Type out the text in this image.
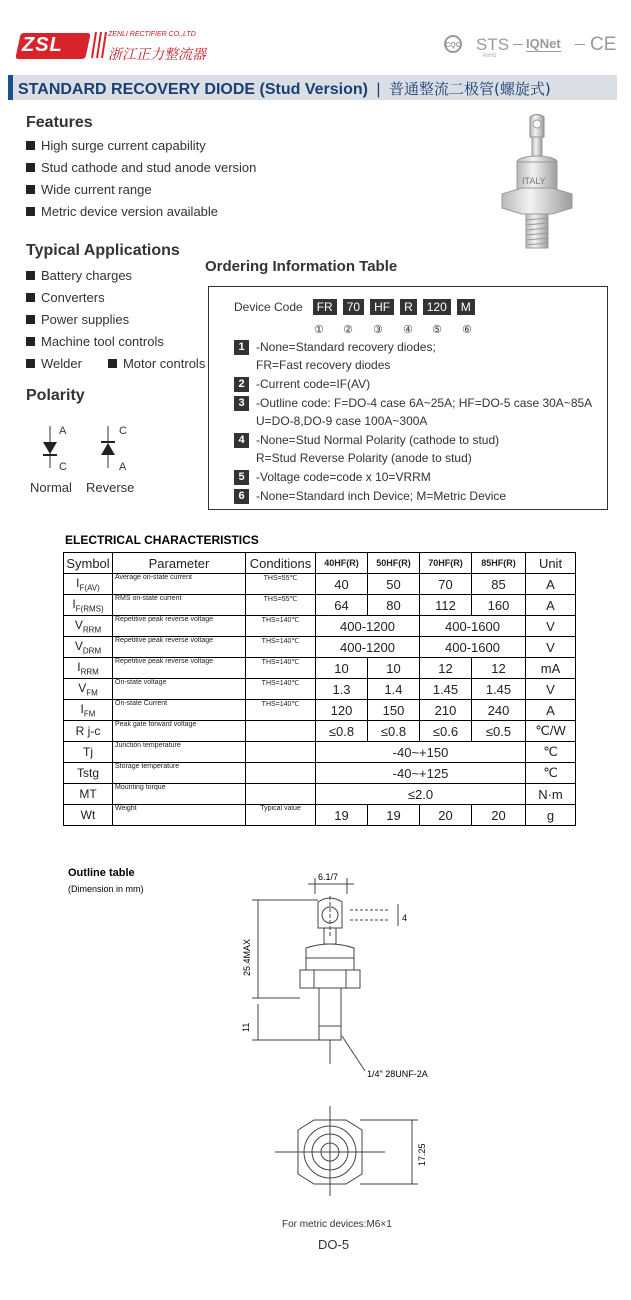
ZSL	ZENLI RECTIFIER CO.,LTD
浙江正力整流器
CQC STS
RoHS
IQNet CE
STANDARD RECOVERY DIODE (Stud Version) | 普通整流二极管(螺旋式)
Features
High surge current capability
Stud cathode and stud anode version
Wide current range
Metric device version available
ITALY
Typical Applications
Battery charges
Converters
Power supplies
Machine tool controls
Welder	Motor controls
Polarity
A
C
C
A
Normal Reverse
Ordering Information Table
Device Code FR 70 HF R 120 M
① ② ③ ④ ⑤ ⑥
1 -None=Standard recovery diodes;
FR=Fast recovery diodes
2 -Current code=IF(AV)
3 -Outline code: F=DO-4 case 6A~25A; HF=DO-5 case 30A~85A
U=DO-8,DO-9 case 100A~300A
4 -None=Stud Normal Polarity (cathode to stud)
R=Stud Reverse Polarity (anode to stud)
5 -Voltage code=code x 10=VRRM
6 -None=Standard inch Device; M=Metric Device
ELECTRICAL CHARACTERISTICS
Symbol	Parameter	Conditions	40HF(R)	50HF(R)	70HF(R)	85HF(R)	Unit
$I_{F(AV)}$	Average on-state current	THS=55℃	40	50	70	85	A
$I_{F(RMS)}$	RMS on-state current	THS=55℃	64	80	112	160	A
$V_{RRM}$	Repetitive peak reverse voltage	THS=140℃	400-1200		400-1600		V
$V_{DRM}$	Repetitive peak reverse voltage	THS=140℃	400-1200		400-1600		V
$I_{RRM}$	Repetitive peak reverse voltage	THS=140℃	10	10	12	12	mA
$V_{FM}$	On-state voltage	THS=140℃	1.3	1.4	1.45	1.45	V
$I_{FM}$	On-state Current	THS=140℃	120	150	210	240	A
R j-c	Peak gate forward voltage		≤0.8	≤0.8	≤0.6	≤0.5	℃/W
Tj	Junction temperature		-40~+150				℃
Tstg	Storage temperature		-40~+125				℃
MT	Mounting torque		≤2.0				N·m
Wt	Weight	Typical value	19	19	20	20	g
Outline table
(Dimension in mm)
6.1/7
4
25.4MAX
11
1/4" 28UNF-2A
17.25
For metric devices:M6×1
DO-5
